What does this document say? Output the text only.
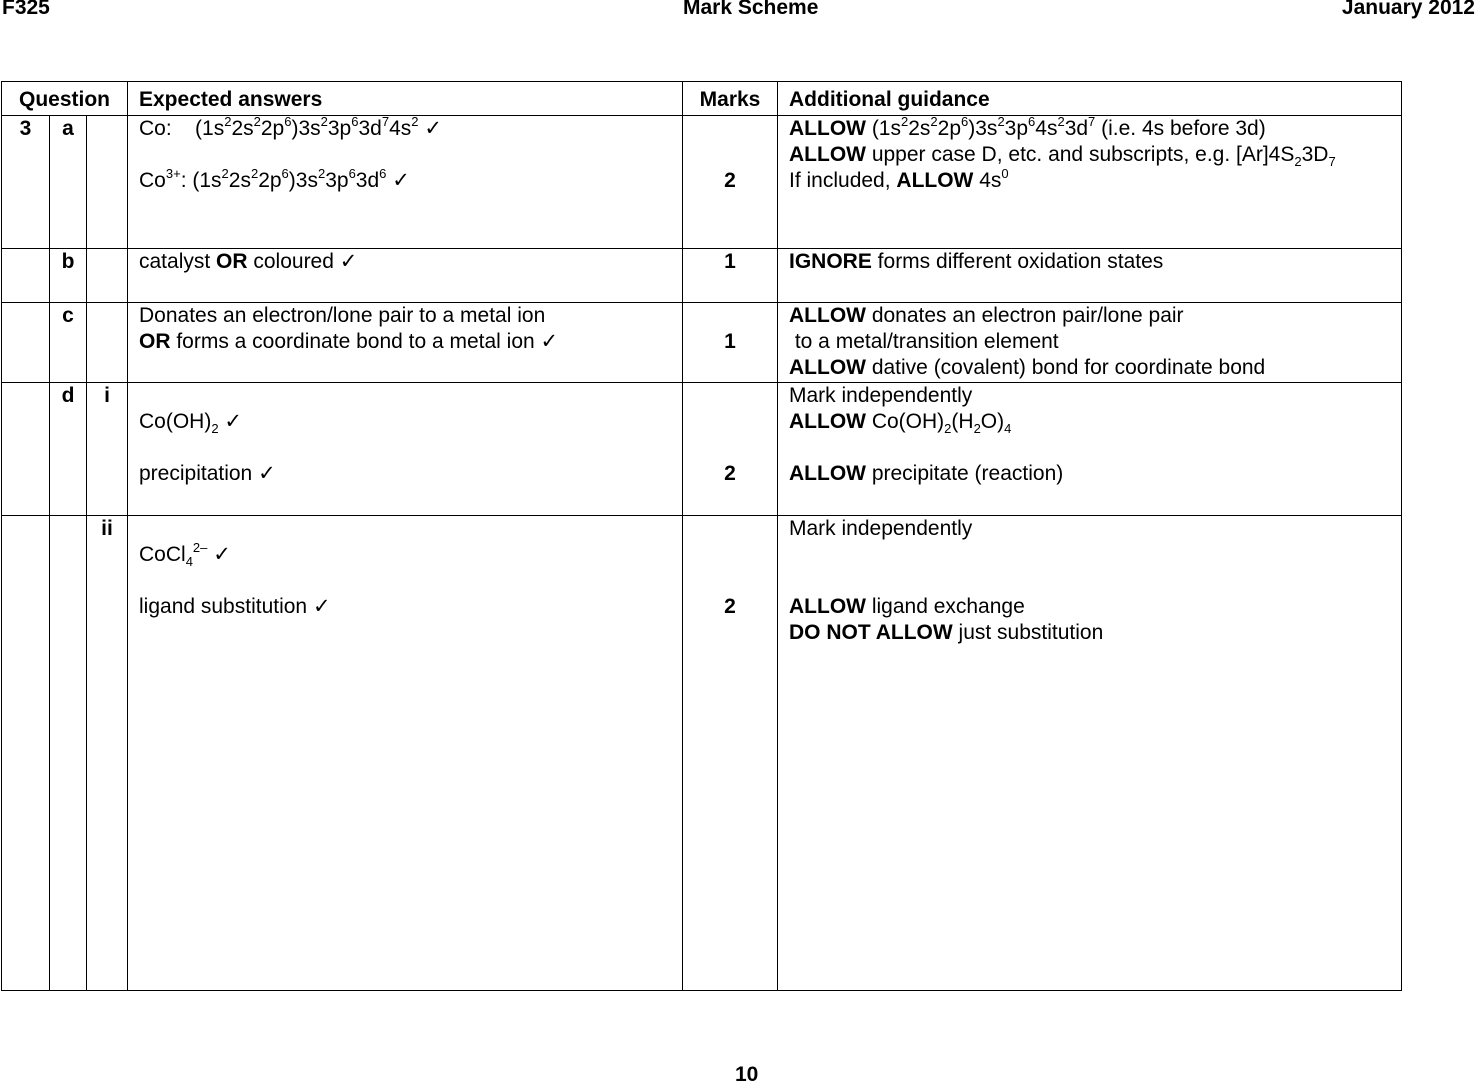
F325	Mark Scheme	January 2012
Question			Expected answers	Marks	Additional guidance
3	a		Co:    $(1s^22s^22p^6)3s^23p^63d^74s^2$ ✓
$Co^{3+}$: $(1s^22s^22p^6)3s^23p^63d^6$ ✓	2	ALLOW $(1s^22s^22p^6)3s^23p^64s^23d^7$ (i.e. 4s before 3d)
ALLOW upper case D, etc. and subscripts, e.g. $[Ar]4S_23D_7$
If included, ALLOW $4s^0$

	b		catalyst OR coloured ✓	1	IGNORE forms different oxidation states

	c		Donates an electron/lone pair to a metal ion
OR forms a coordinate bond to a metal ion ✓	1	ALLOW donates an electron pair/lone pair
to a metal/transition element
ALLOW dative (covalent) bond for coordinate bond

	d	i	$Co(OH)_2$ ✓
precipitation ✓	2	Mark independently
ALLOW $Co(OH)_2(H_2O)_4$
ALLOW precipitate (reaction)

		ii	CoCl$_4^{2-}$ ✓
ligand substitution ✓	2	Mark independently
ALLOW ligand exchange
DO NOT ALLOW just substitution
10
